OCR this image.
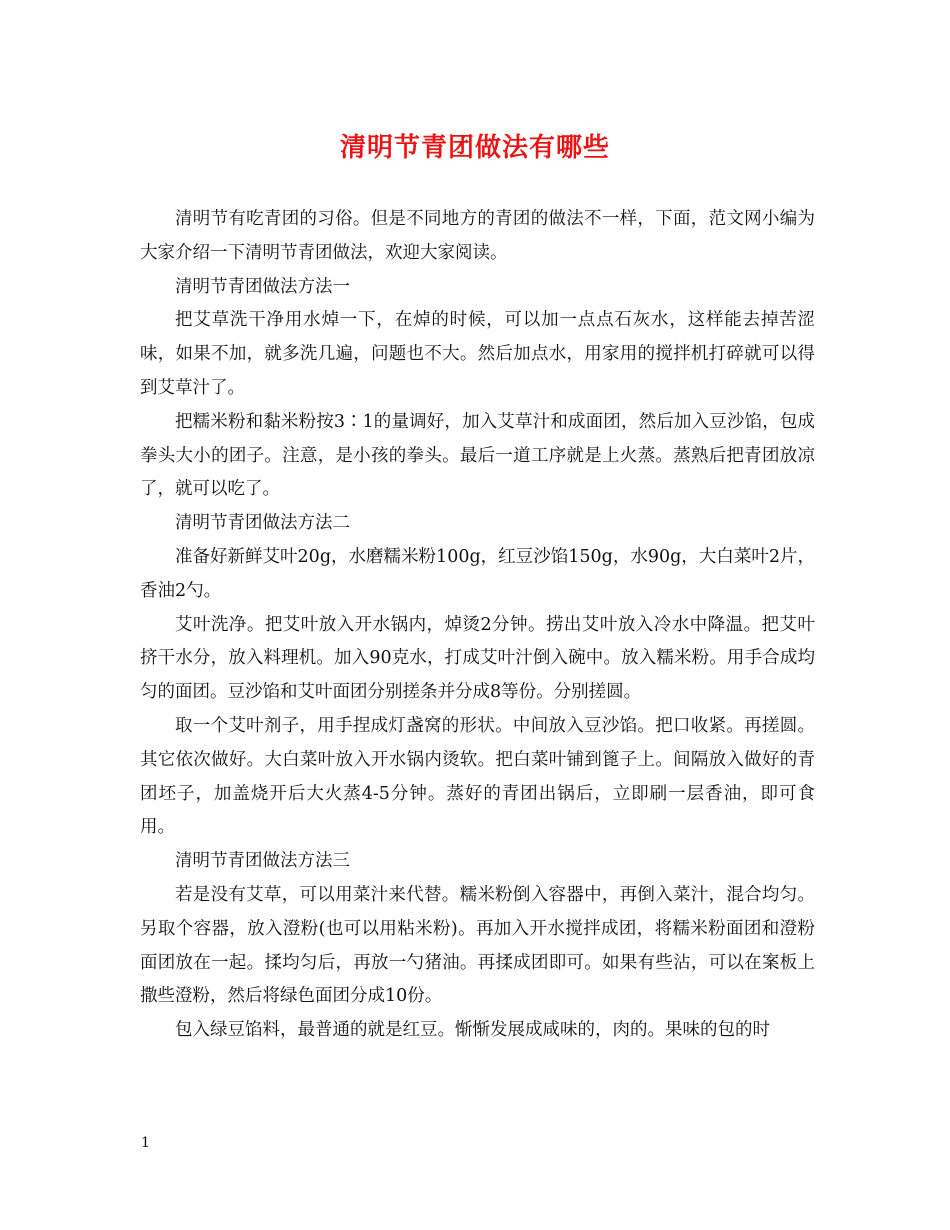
清明节青团做法有哪些

清明节有吃青团的习俗。但是不同地方的青团的做法不一样，下面，范文网小编为大家介绍一下清明节青团做法，欢迎大家阅读。

清明节青团做法方法一

把艾草洗干净用水焯一下，在焯的时候，可以加一点点石灰水，这样能去掉苦涩味，如果不加，就多洗几遍，问题也不大。然后加点水，用家用的搅拌机打碎就可以得到艾草汁了。

把糯米粉和黏米粉按3∶1的量调好，加入艾草汁和成面团，然后加入豆沙馅，包成拳头大小的团子。注意，是小孩的拳头。最后一道工序就是上火蒸。蒸熟后把青团放凉了，就可以吃了。

清明节青团做法方法二

准备好新鲜艾叶20g，水磨糯米粉100g，红豆沙馅150g，水90g，大白菜叶2片，香油2勺。

艾叶洗净。把艾叶放入开水锅内，焯烫2分钟。捞出艾叶放入冷水中降温。把艾叶挤干水分，放入料理机。加入90克水，打成艾叶汁倒入碗中。放入糯米粉。用手合成均匀的面团。豆沙馅和艾叶面团分别搓条并分成8等份。分别搓圆。

取一个艾叶剂子，用手捏成灯盏窝的形状。中间放入豆沙馅。把口收紧。再搓圆。其它依次做好。大白菜叶放入开水锅内烫软。把白菜叶铺到篦子上。间隔放入做好的青团坯子，加盖烧开后大火蒸4-5分钟。蒸好的青团出锅后，立即刷一层香油，即可食用。

清明节青团做法方法三

若是没有艾草，可以用菜汁来代替。糯米粉倒入容器中，再倒入菜汁，混合均匀。另取个容器，放入澄粉(也可以用粘米粉)。再加入开水搅拌成团，将糯米粉面团和澄粉面团放在一起。揉均匀后，再放一勺猪油。再揉成团即可。如果有些沾，可以在案板上撒些澄粉，然后将绿色面团分成10份。

包入绿豆馅料，最普通的就是红豆。惭惭发展成咸味的，肉的。果味的包的时

1
